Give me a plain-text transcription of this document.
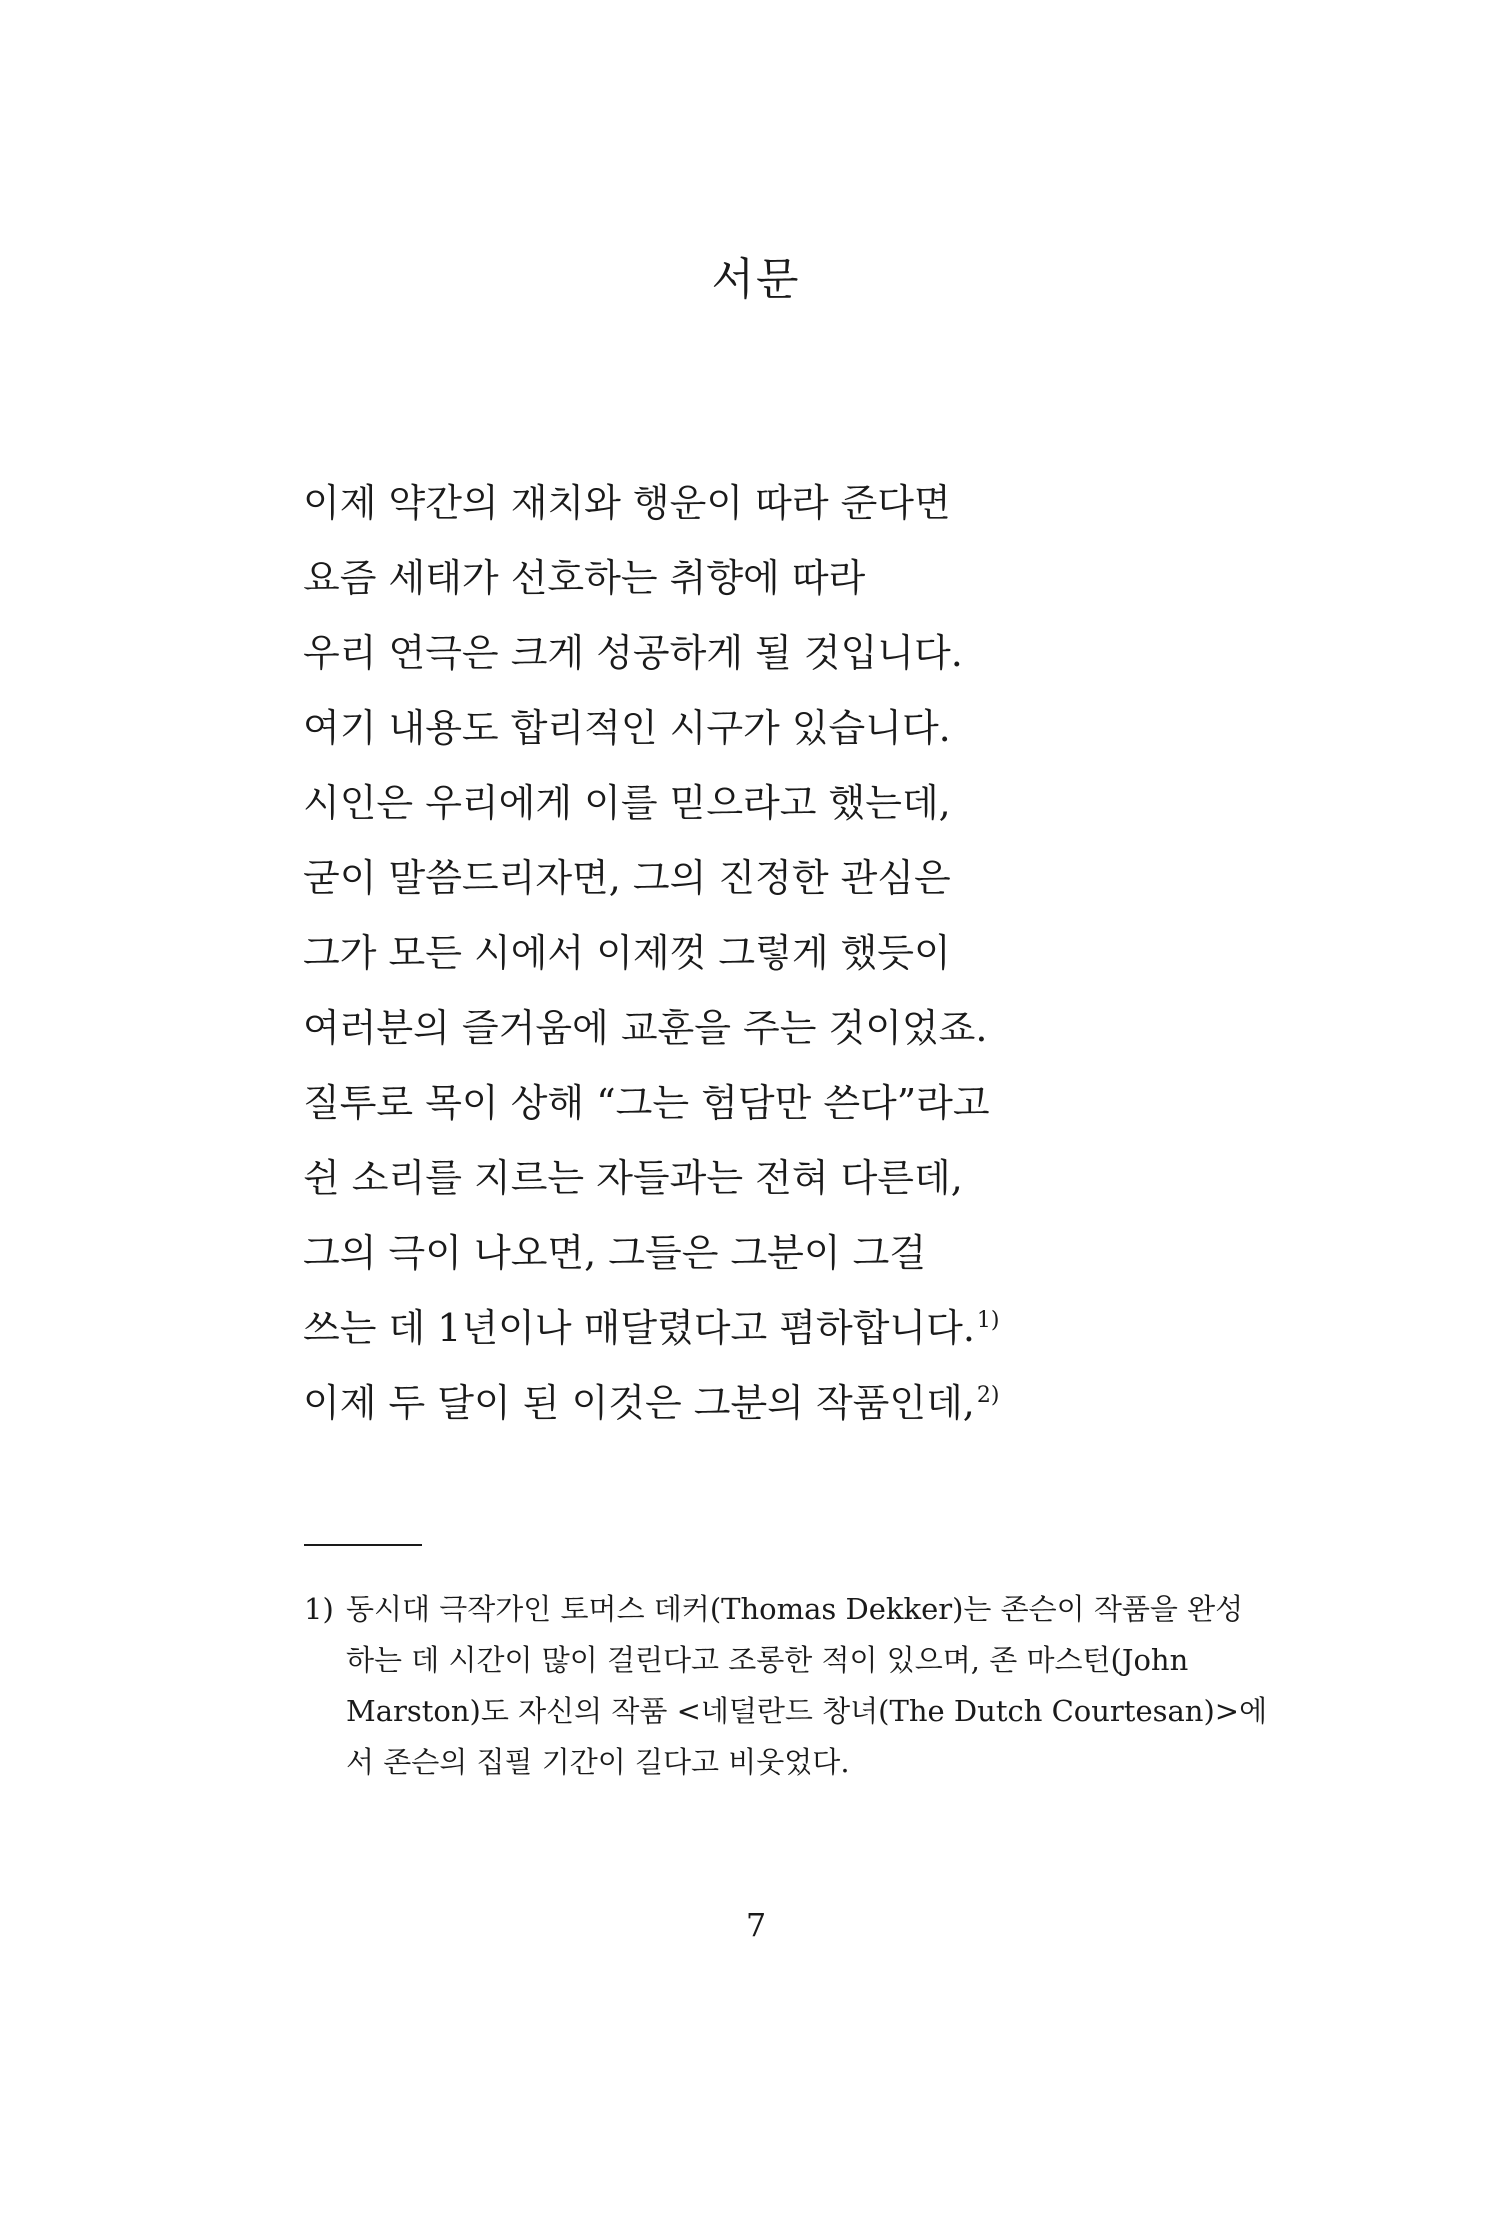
서문
이제 약간의 재치와 행운이 따라 준다면
요즘 세태가 선호하는 취향에 따라
우리 연극은 크게 성공하게 될 것입니다.
여기 내용도 합리적인 시구가 있습니다.
시인은 우리에게 이를 믿으라고 했는데,
굳이 말씀드리자면, 그의 진정한 관심은
그가 모든 시에서 이제껏 그렇게 했듯이
여러분의 즐거움에 교훈을 주는 것이었죠.
질투로 목이 상해 “그는 험담만 쓴다”라고
쉰 소리를 지르는 자들과는 전혀 다른데,
그의 극이 나오면, 그들은 그분이 그걸
쓰는 데 1년이나 매달렸다고 폄하합니다.$^{1)}$
이제 두 달이 된 이것은 그분의 작품인데,$^{2)}$
1) 동시대 극작가인 토머스 데커(Thomas Dekker)는 존슨이 작품을 완성
하는 데 시간이 많이 걸린다고 조롱한 적이 있으며, 존 마스턴(John
Marston)도 자신의 작품 <네덜란드 창녀(The Dutch Courtesan)>에
서 존슨의 집필 기간이 길다고 비웃었다.
7
